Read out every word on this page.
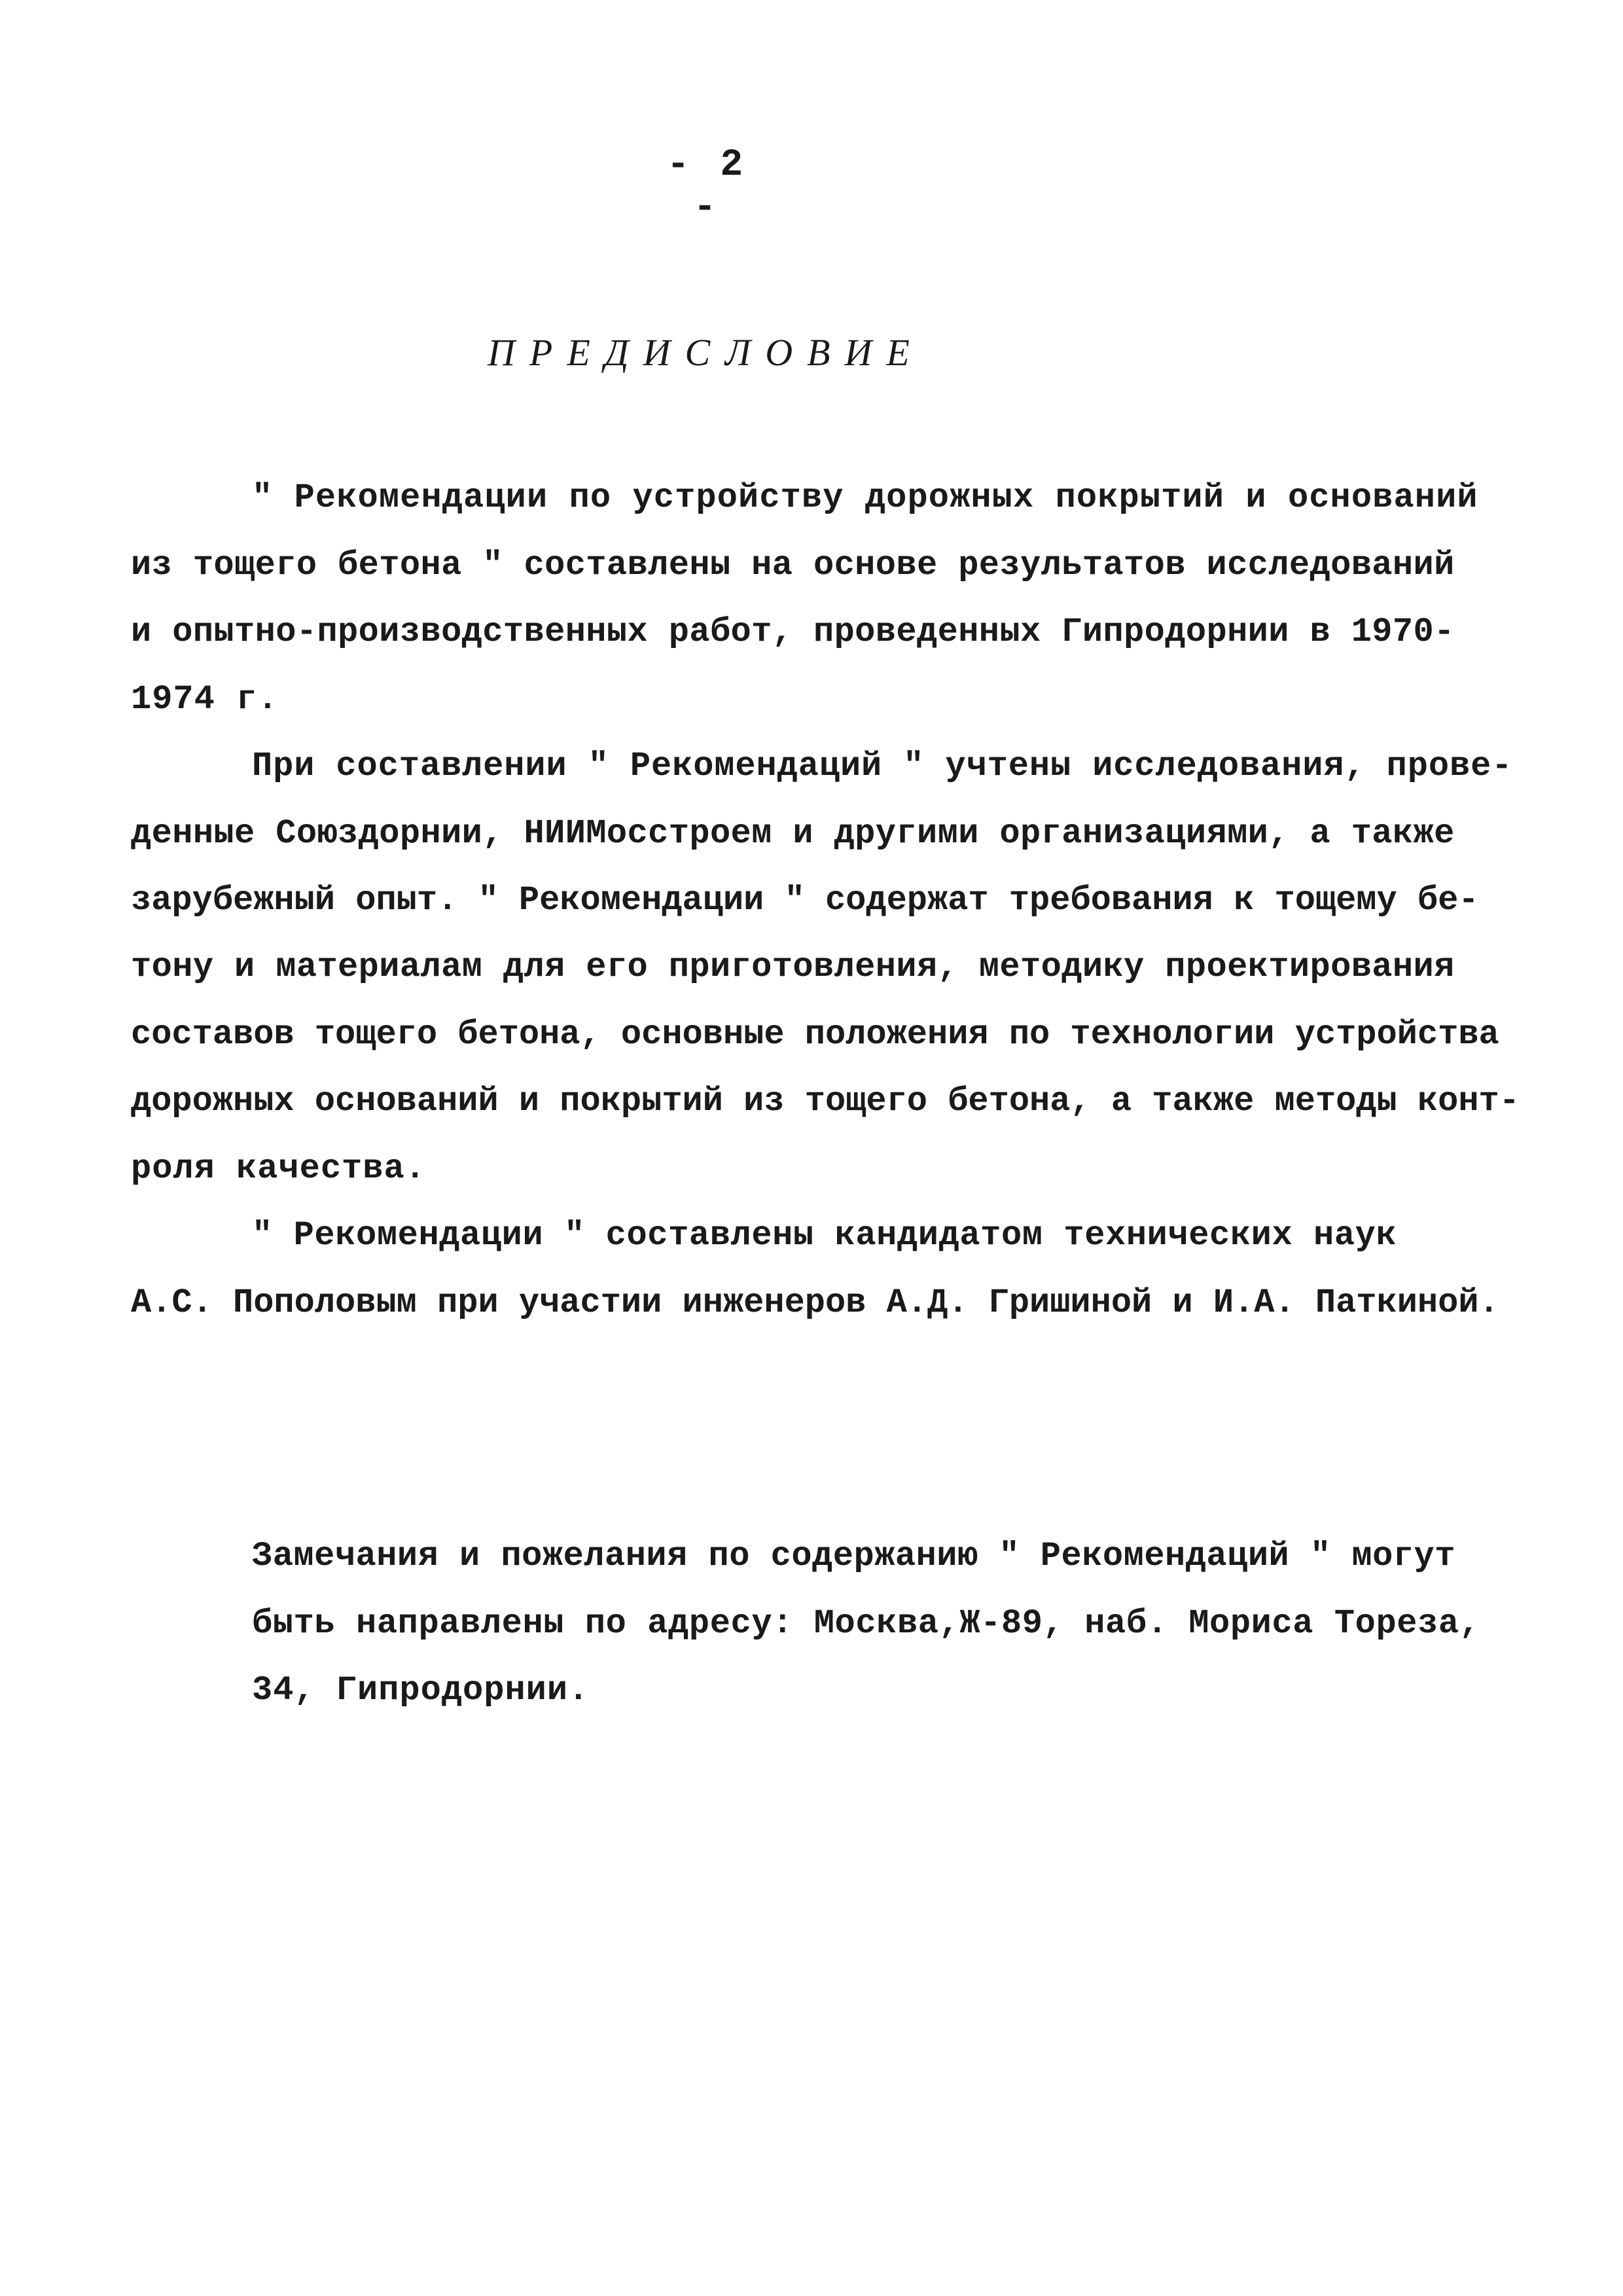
- 2 -
ПРЕДИСЛОВИЕ
" Рекомендации по устройству дорожных покрытий и оснований
из тощего бетона " составлены на основе результатов исследований
и опытно-производственных работ, проведенных Гипродорнии в 1970-
1974 г.
При составлении " Рекомендаций " учтены исследования, прове-
денные Союздорнии, НИИМосстроем и другими организациями, а также
зарубежный опыт. " Рекомендации " содержат требования к тощему бе-
тону и материалам для его приготовления, методику проектирования
составов тощего бетона, основные положения по технологии устройства
дорожных оснований и покрытий из тощего бетона, а также методы конт-
роля качества.
" Рекомендации " составлены кандидатом технических наук
А.С. Пополовым при участии инженеров А.Д. Гришиной и И.А. Паткиной.
Замечания и пожелания по содержанию " Рекомендаций " могут
быть направлены по адресу: Москва,Ж-89, наб. Мориса Тореза,
34, Гипродорнии.
